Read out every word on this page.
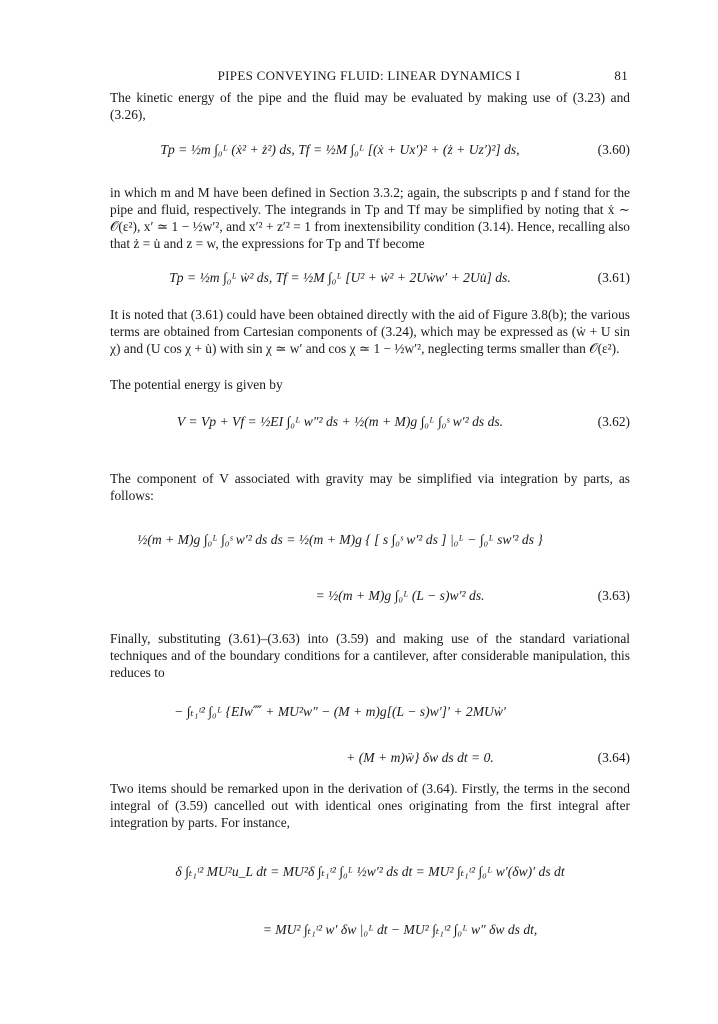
PIPES CONVEYING FLUID: LINEAR DYNAMICS I	81

The kinetic energy of the pipe and the fluid may be evaluated by making use of (3.23) and (3.26),

Tp = ½m ∫₀ᴸ (ẋ² + ż²) ds, Tf = ½M ∫₀ᴸ [(ẋ + Ux′)² + (ż + Uz′)²] ds,	(3.60)

in which m and M have been defined in Section 3.3.2; again, the subscripts p and f stand for the pipe and fluid, respectively. The integrands in Tp and Tf may be simplified by noting that ẋ ∼ 𝒪(ε²), x′ ≃ 1 − ½w′², and x′² + z′² = 1 from inextensibility condition (3.14). Hence, recalling also that ż = u̇ and z = w, the expressions for Tp and Tf become

Tp = ½m ∫₀ᴸ ẇ² ds, Tf = ½M ∫₀ᴸ [U² + ẇ² + 2Uẇw′ + 2Uu̇] ds.	(3.61)

It is noted that (3.61) could have been obtained directly with the aid of Figure 3.8(b); the various terms are obtained from Cartesian components of (3.24), which may be expressed as (ẇ + U sin χ) and (U cos χ + u̇) with sin χ ≃ w′ and cos χ ≃ 1 − ½w′², neglecting terms smaller than 𝒪(ε²).

The potential energy is given by

V = Vp + Vf = ½EI ∫₀ᴸ w″² ds + ½(m + M)g ∫₀ᴸ ∫₀ˢ w′² ds ds.	(3.62)

The component of V associated with gravity may be simplified via integration by parts, as follows:

½(m + M)g ∫₀ᴸ ∫₀ˢ w′² ds ds = ½(m + M)g { [ s ∫₀ˢ w′² ds ] |₀ᴸ − ∫₀ᴸ sw′² ds }
= ½(m + M)g ∫₀ᴸ (L − s)w′² ds.	(3.63)

Finally, substituting (3.61)–(3.63) into (3.59) and making use of the standard variational techniques and of the boundary conditions for a cantilever, after considerable manipulation, this reduces to

− ∫ₜ₁ᵗ² ∫₀ᴸ {EIw⁗ + MU²w″ − (M + m)g[(L − s)w′]′ + 2MUẇ′
+ (M + m)ẅ} δw ds dt = 0.	(3.64)

Two items should be remarked upon in the derivation of (3.64). Firstly, the terms in the second integral of (3.59) cancelled out with identical ones originating from the first integral after integration by parts. For instance,

δ ∫ₜ₁ᵗ² MU²u_L dt = MU²δ ∫ₜ₁ᵗ² ∫₀ᴸ ½w′² ds dt = MU² ∫ₜ₁ᵗ² ∫₀ᴸ w′(δw)′ ds dt
= MU² ∫ₜ₁ᵗ² w′ δw |₀ᴸ dt − MU² ∫ₜ₁ᵗ² ∫₀ᴸ w″ δw ds dt,
